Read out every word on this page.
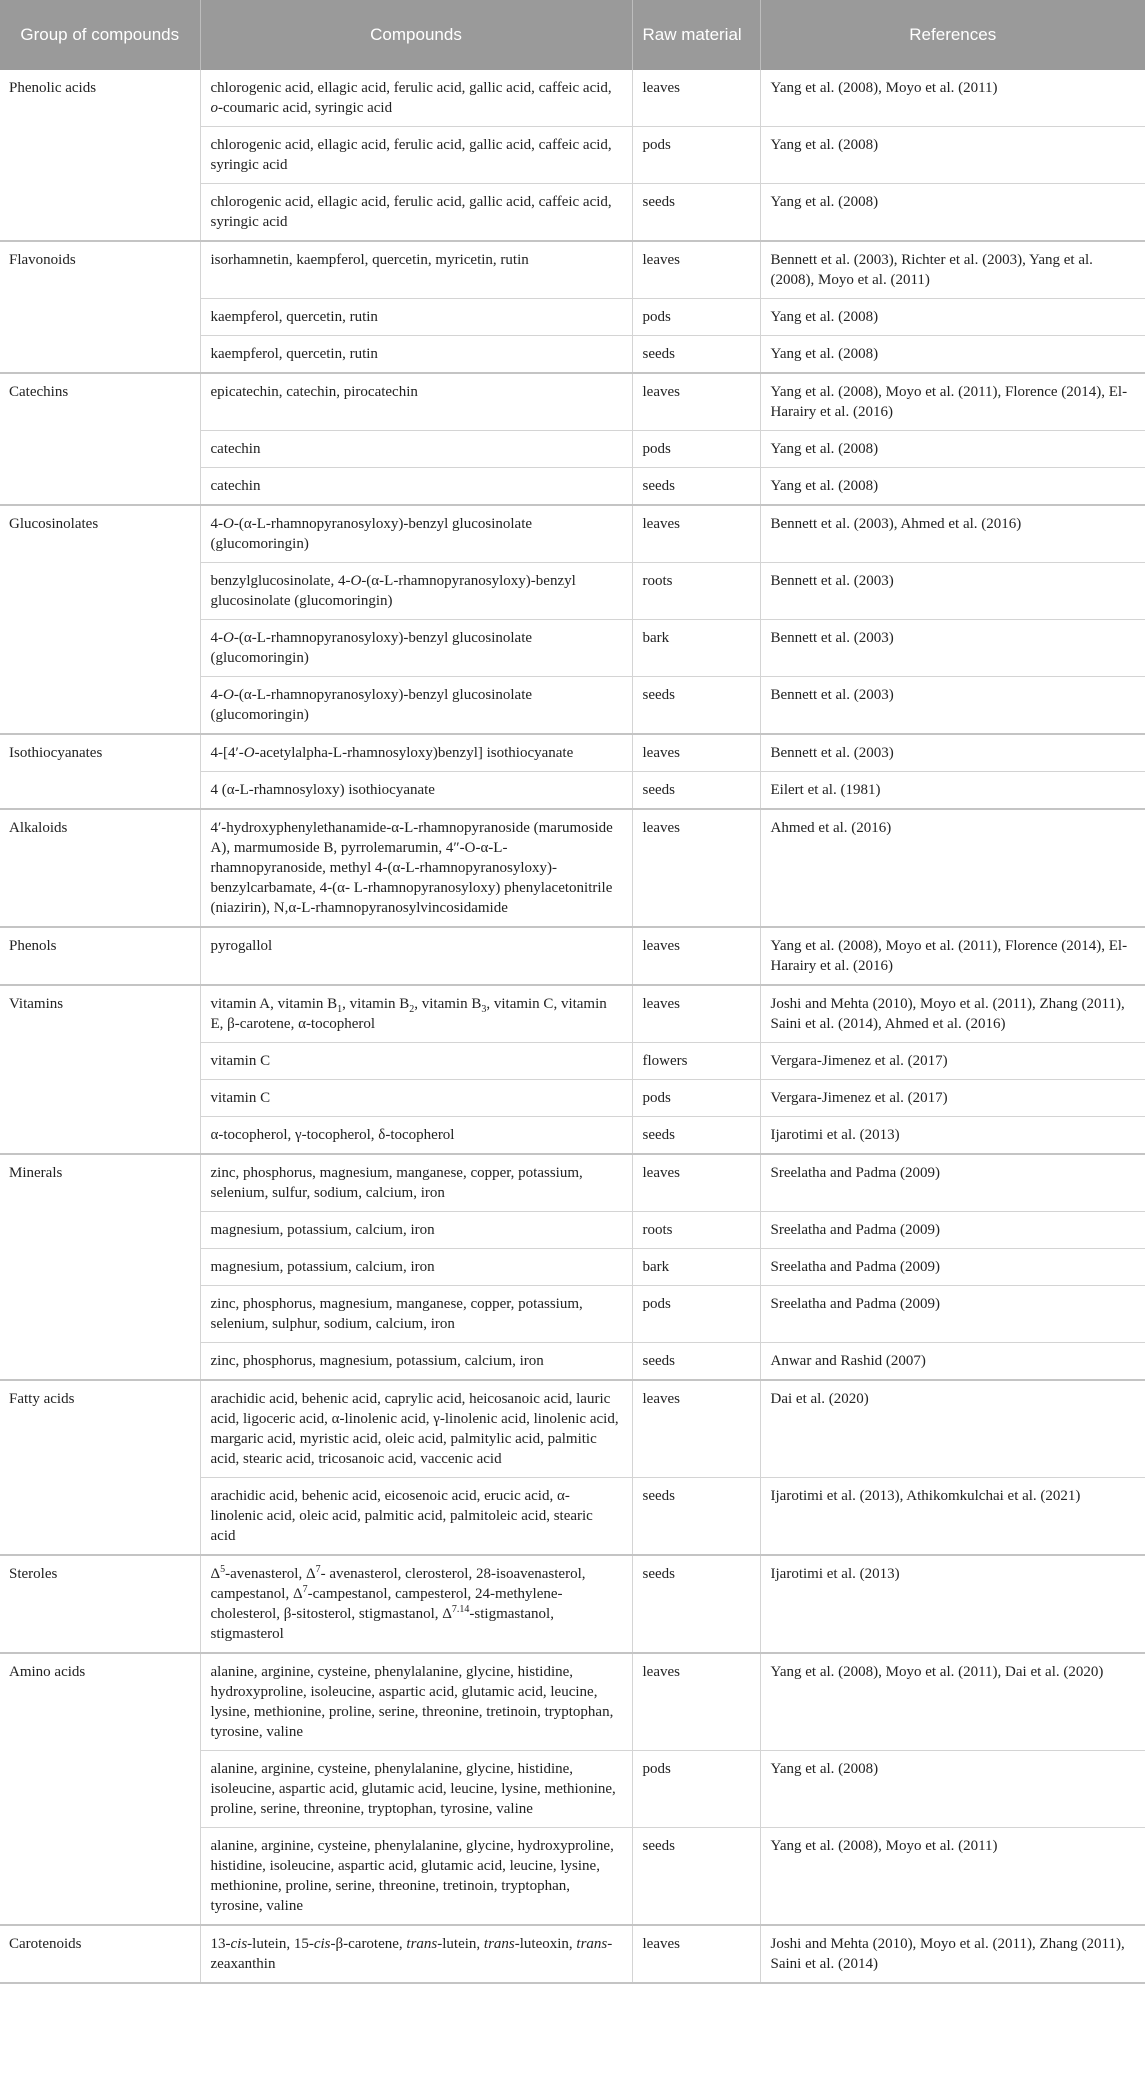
Group of compounds	Compounds	Raw material	References
Phenolic acids	chlorogenic acid, ellagic acid, ferulic acid, gallic acid, caffeic acid, o-coumaric acid, syringic acid	leaves	Yang et al. (2008), Moyo et al. (2011)
	chlorogenic acid, ellagic acid, ferulic acid, gallic acid, caffeic acid, syringic acid	pods	Yang et al. (2008)
	chlorogenic acid, ellagic acid, ferulic acid, gallic acid, caffeic acid, syringic acid	seeds	Yang et al. (2008)
Flavonoids	isorhamnetin, kaempferol, quercetin, myricetin, rutin	leaves	Bennett et al. (2003), Richter et al. (2003), Yang et al. (2008), Moyo et al. (2011)
	kaempferol, quercetin, rutin	pods	Yang et al. (2008)
	kaempferol, quercetin, rutin	seeds	Yang et al. (2008)
Catechins	epicatechin, catechin, pirocatechin	leaves	Yang et al. (2008), Moyo et al. (2011), Florence (2014), El-Harairy et al. (2016)
	catechin	pods	Yang et al. (2008)
	catechin	seeds	Yang et al. (2008)
Glucosinolates	4-O-(α-L-rhamnopyranosyloxy)-benzyl glucosinolate (glucomoringin)	leaves	Bennett et al. (2003), Ahmed et al. (2016)
	benzylglucosinolate, 4-O-(α-L-rhamnopyranosyloxy)-benzyl glucosinolate (glucomoringin)	roots	Bennett et al. (2003)
	4-O-(α-L-rhamnopyranosyloxy)-benzyl glucosinolate (glucomoringin)	bark	Bennett et al. (2003)
	4-O-(α-L-rhamnopyranosyloxy)-benzyl glucosinolate (glucomoringin)	seeds	Bennett et al. (2003)
Isothiocyanates	4-[4′-O-acetylalpha-L-rhamnosyloxy)benzyl] isothiocyanate	leaves	Bennett et al. (2003)
	4 (α-L-rhamnosyloxy) isothiocyanate	seeds	Eilert et al. (1981)
Alkaloids	4′-hydroxyphenylethanamide-α-L-rhamnopyranoside (marumoside A), marmumoside B, pyrrolemarumin, 4″-O-α-L-rhamnopyranoside, methyl 4-(α-L-rhamnopyranosyloxy)-benzylcarbamate, 4-(α- L-rhamnopyranosyloxy) phenylacetonitrile (niazirin), N,α-L-rhamnopyranosylvincosidamide	leaves	Ahmed et al. (2016)
Phenols	pyrogallol	leaves	Yang et al. (2008), Moyo et al. (2011), Florence (2014), El-Harairy et al. (2016)
Vitamins	vitamin A, vitamin $B_1$, vitamin $B_2$, vitamin $B_3$, vitamin C, vitamin E, β-carotene, α-tocopherol	leaves	Joshi and Mehta (2010), Moyo et al. (2011), Zhang (2011), Saini et al. (2014), Ahmed et al. (2016)
	vitamin C	flowers	Vergara-Jimenez et al. (2017)
	vitamin C	pods	Vergara-Jimenez et al. (2017)
	α-tocopherol, γ-tocopherol, δ-tocopherol	seeds	Ijarotimi et al. (2013)
Minerals	zinc, phosphorus, magnesium, manganese, copper, potassium, selenium, sulfur, sodium, calcium, iron	leaves	Sreelatha and Padma (2009)
	magnesium, potassium, calcium, iron	roots	Sreelatha and Padma (2009)
	magnesium, potassium, calcium, iron	bark	Sreelatha and Padma (2009)
	zinc, phosphorus, magnesium, manganese, copper, potassium, selenium, sulphur, sodium, calcium, iron	pods	Sreelatha and Padma (2009)
	zinc, phosphorus, magnesium, potassium, calcium, iron	seeds	Anwar and Rashid (2007)
Fatty acids	arachidic acid, behenic acid, caprylic acid, heicosanoic acid, lauric acid, ligoceric acid, α-linolenic acid, γ-linolenic acid, linolenic acid, margaric acid, myristic acid, oleic acid, palmitylic acid, palmitic acid, stearic acid, tricosanoic acid, vaccenic acid	leaves	Dai et al. (2020)
	arachidic acid, behenic acid, eicosenoic acid, erucic acid, α-linolenic acid, oleic acid, palmitic acid, palmitoleic acid, stearic acid	seeds	Ijarotimi et al. (2013), Athikomkulchai et al. (2021)
Steroles	$\Delta^5$-avenasterol, $\Delta^7-$ avenasterol, clerosterol, 28-isoavenasterol, campestanol, $\Delta^7$-campestanol, campesterol, 24-methylene-cholesterol, β-sitosterol, stigmastanol, $\Delta^{7.14}$-stigmastanol, stigmasterol	seeds	Ijarotimi et al. (2013)
Amino acids	alanine, arginine, cysteine, phenylalanine, glycine, histidine, hydroxyproline, isoleucine, aspartic acid, glutamic acid, leucine, lysine, methionine, proline, serine, threonine, tretinoin, tryptophan, tyrosine, valine	leaves	Yang et al. (2008), Moyo et al. (2011), Dai et al. (2020)
	alanine, arginine, cysteine, phenylalanine, glycine, histidine, isoleucine, aspartic acid, glutamic acid, leucine, lysine, methionine, proline, serine, threonine, tryptophan, tyrosine, valine	pods	Yang et al. (2008)
	alanine, arginine, cysteine, phenylalanine, glycine, hydroxyproline, histidine, isoleucine, aspartic acid, glutamic acid, leucine, lysine, methionine, proline, serine, threonine, tretinoin, tryptophan, tyrosine, valine	seeds	Yang et al. (2008), Moyo et al. (2011)
Carotenoids	13-cis-lutein, 15-cis-β-carotene, trans-lutein, trans-luteoxin, trans- zeaxanthin	leaves	Joshi and Mehta (2010), Moyo et al. (2011), Zhang (2011), Saini et al. (2014)
